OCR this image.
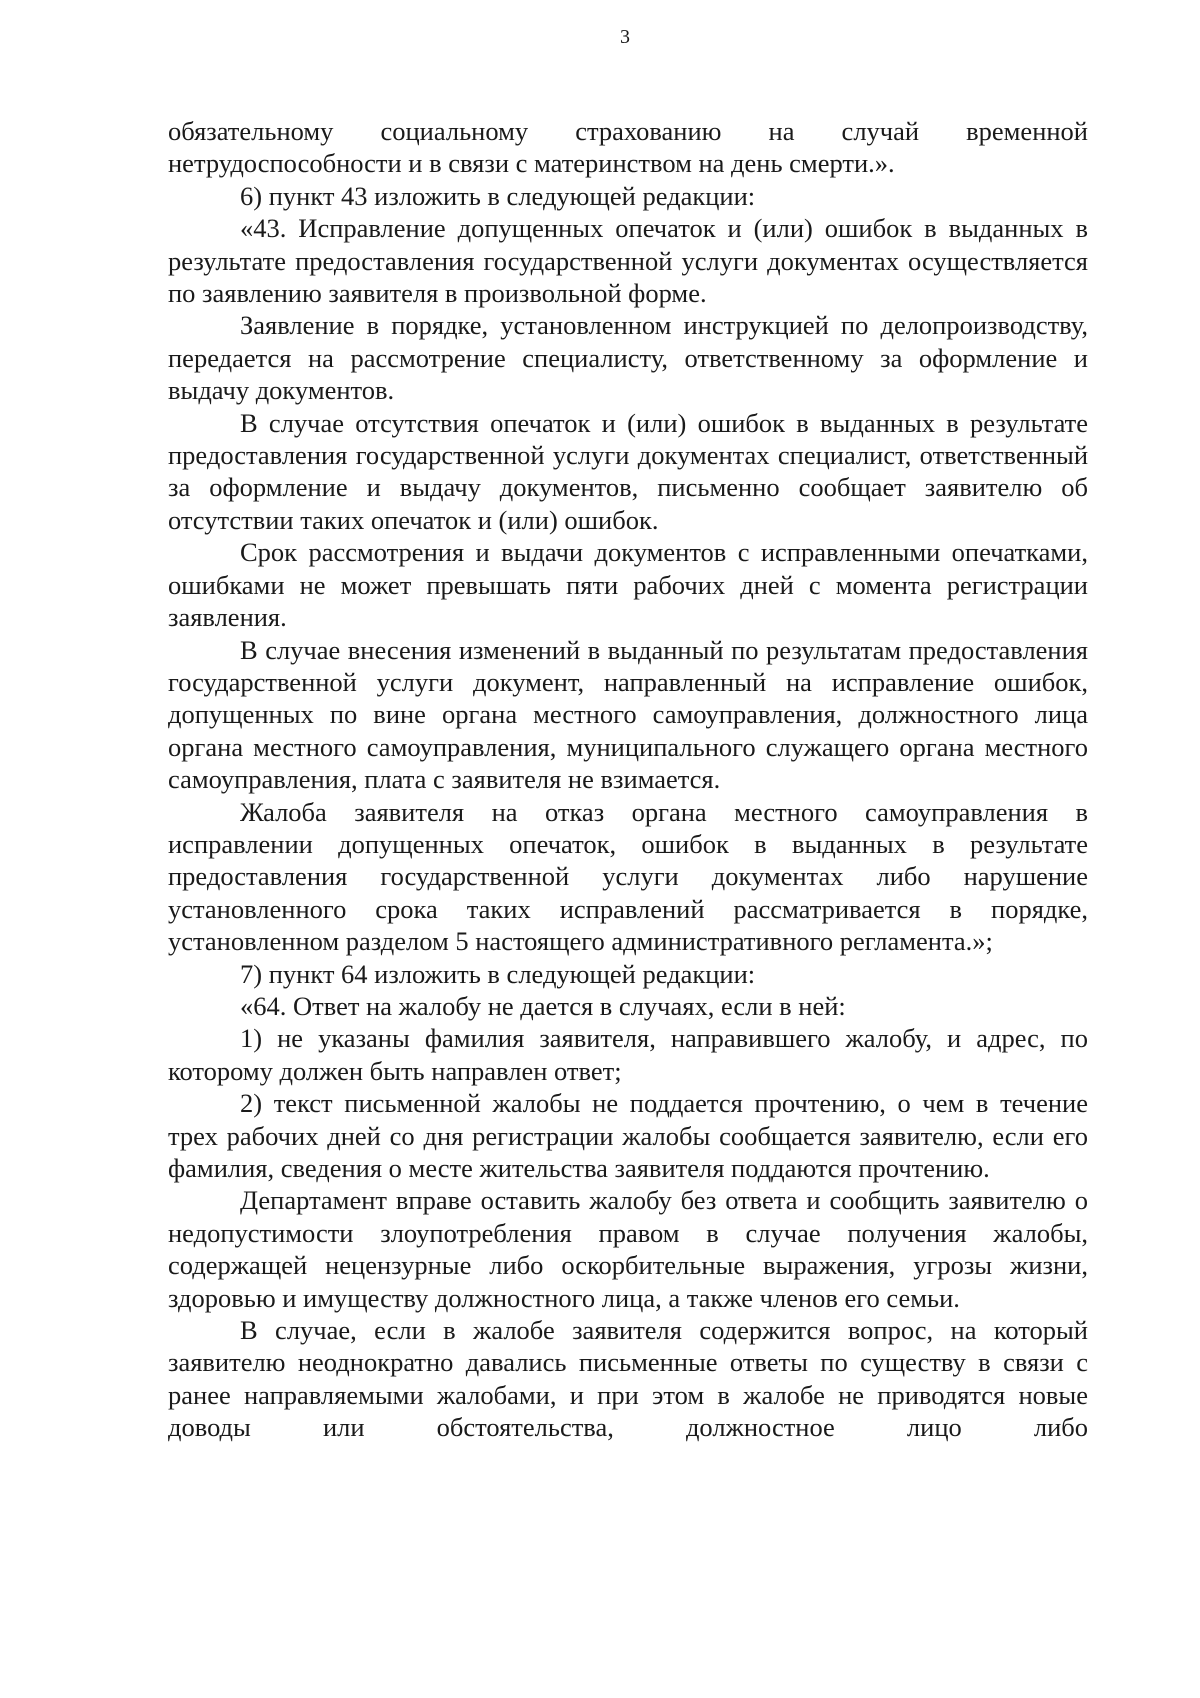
3

обязательному социальному страхованию на случай временной нетрудоспособности и в связи с материнством на день смерти.».

6) пункт 43 изложить в следующей редакции:

«43. Исправление допущенных опечаток и (или) ошибок в выданных в результате предоставления государственной услуги документах осуществляется по заявлению заявителя в произвольной форме.

Заявление в порядке, установленном инструкцией по делопроизводству, передается на рассмотрение специалисту, ответственному за оформление и выдачу документов.

В случае отсутствия опечаток и (или) ошибок в выданных в результате предоставления государственной услуги документах специалист, ответственный за оформление и выдачу документов, письменно сообщает заявителю об отсутствии таких опечаток и (или) ошибок.

Срок рассмотрения и выдачи документов с исправленными опечатками, ошибками не может превышать пяти рабочих дней с момента регистрации заявления.

В случае внесения изменений в выданный по результатам предоставления государственной услуги документ, направленный на исправление ошибок, допущенных по вине органа местного самоуправления, должностного лица органа местного самоуправления, муниципального служащего органа местного самоуправления, плата с заявителя не взимается.

Жалоба заявителя на отказ органа местного самоуправления в исправлении допущенных опечаток, ошибок в выданных в результате предоставления государственной услуги документах либо нарушение установленного срока таких исправлений рассматривается в порядке, установленном разделом 5 настоящего административного регламента.»;

7) пункт 64 изложить в следующей редакции:

«64. Ответ на жалобу не дается в случаях, если в ней:

1) не указаны фамилия заявителя, направившего жалобу, и адрес, по которому должен быть направлен ответ;

2) текст письменной жалобы не поддается прочтению, о чем в течение трех рабочих дней со дня регистрации жалобы сообщается заявителю, если его фамилия, сведения о месте жительства заявителя поддаются прочтению.

Департамент вправе оставить жалобу без ответа и сообщить заявителю о недопустимости злоупотребления правом в случае получения жалобы, содержащей нецензурные либо оскорбительные выражения, угрозы жизни, здоровью и имуществу должностного лица, а также членов его семьи.

В случае, если в жалобе заявителя содержится вопрос, на который заявителю неоднократно давались письменные ответы по существу в связи с ранее направляемыми жалобами, и при этом в жалобе не приводятся новые доводы или обстоятельства, должностное лицо либо
